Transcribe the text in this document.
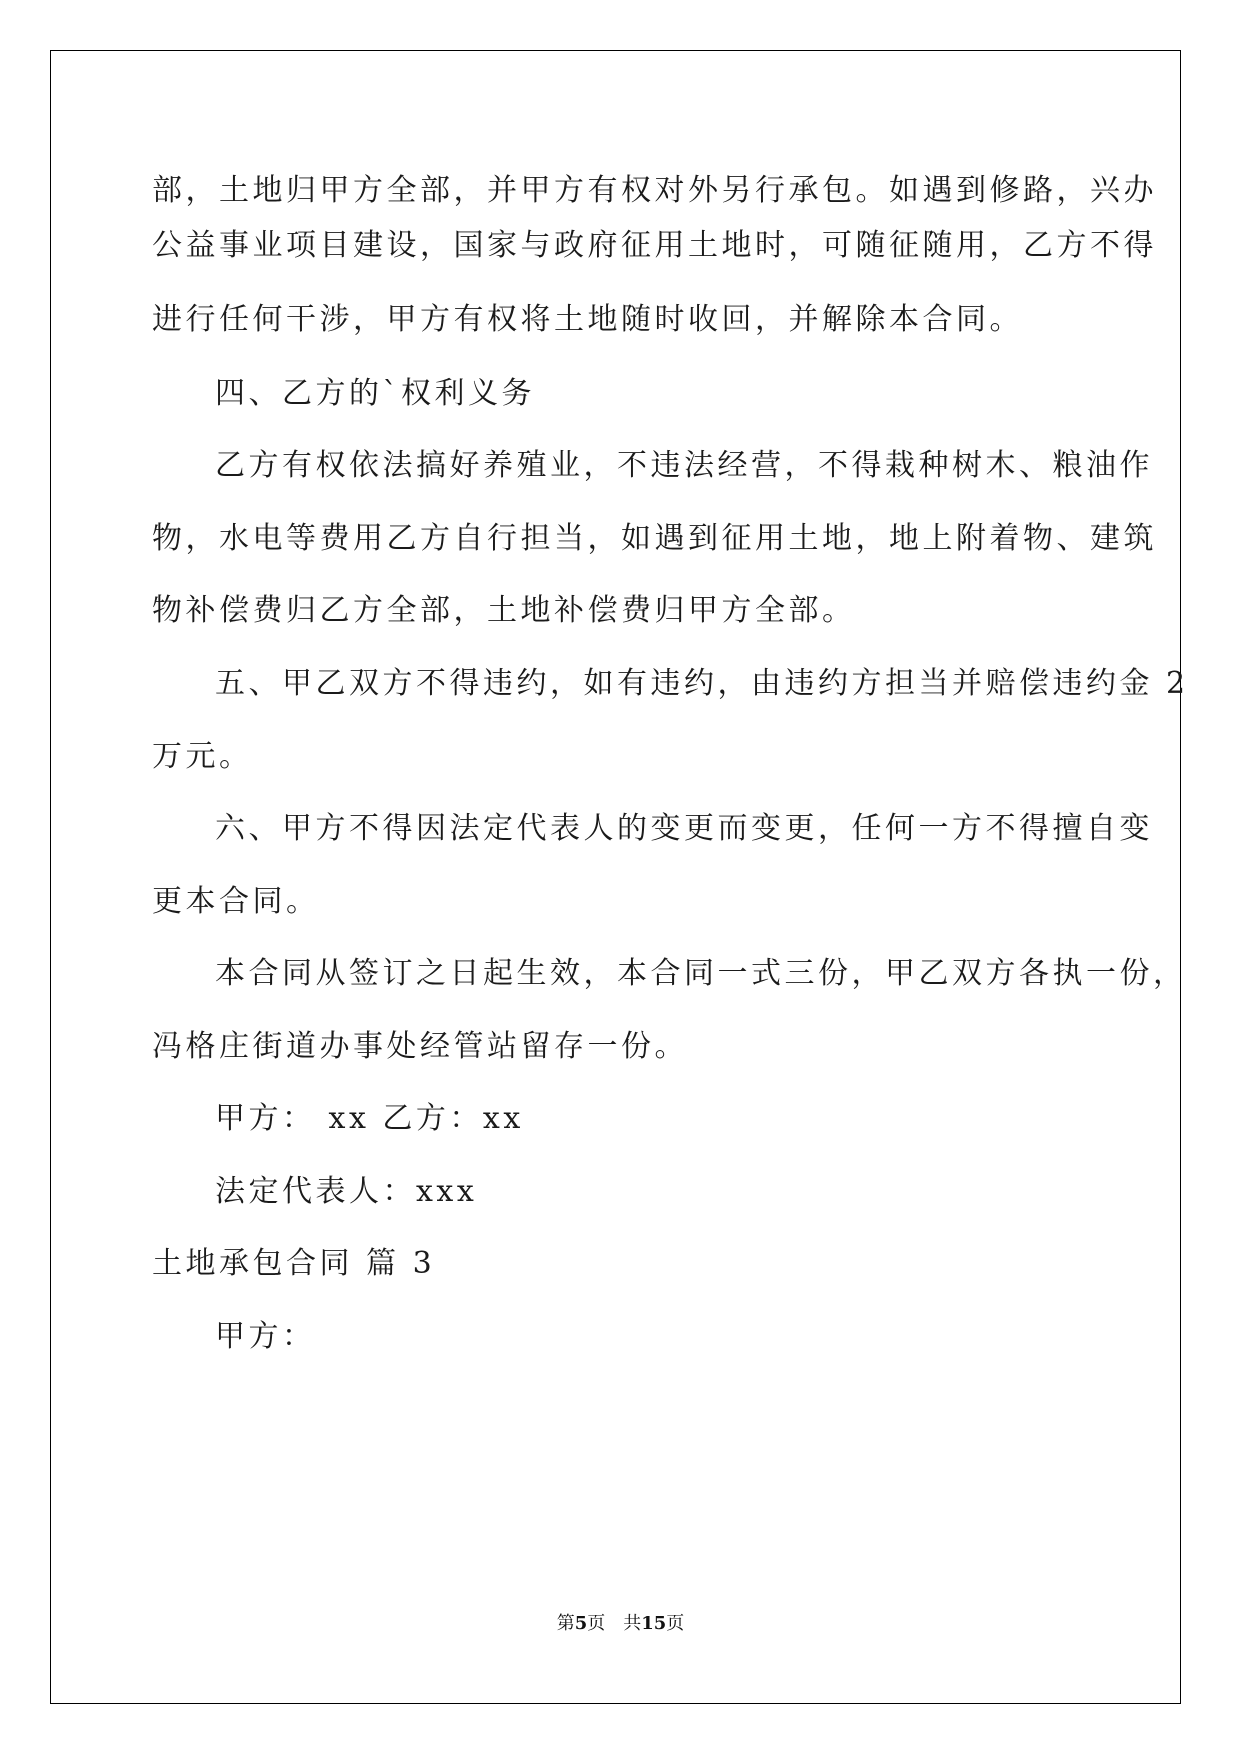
部，土地归甲方全部，并甲方有权对外另行承包。如遇到修路，兴办
公益事业项目建设，国家与政府征用土地时，可随征随用，乙方不得
进行任何干涉，甲方有权将土地随时收回，并解除本合同。
四、乙方的`权利义务
乙方有权依法搞好养殖业，不违法经营，不得栽种树木、粮油作
物，水电等费用乙方自行担当，如遇到征用土地，地上附着物、建筑
物补偿费归乙方全部，土地补偿费归甲方全部。
五、甲乙双方不得违约，如有违约，由违约方担当并赔偿违约金 2
万元。
六、甲方不得因法定代表人的变更而变更，任何一方不得擅自变
更本合同。
本合同从签订之日起生效，本合同一式三份，甲乙双方各执一份，
冯格庄街道办事处经管站留存一份。
甲方： xx 乙方：xx
法定代表人：xxx
土地承包合同 篇 3
甲方：
第5页　共15页
